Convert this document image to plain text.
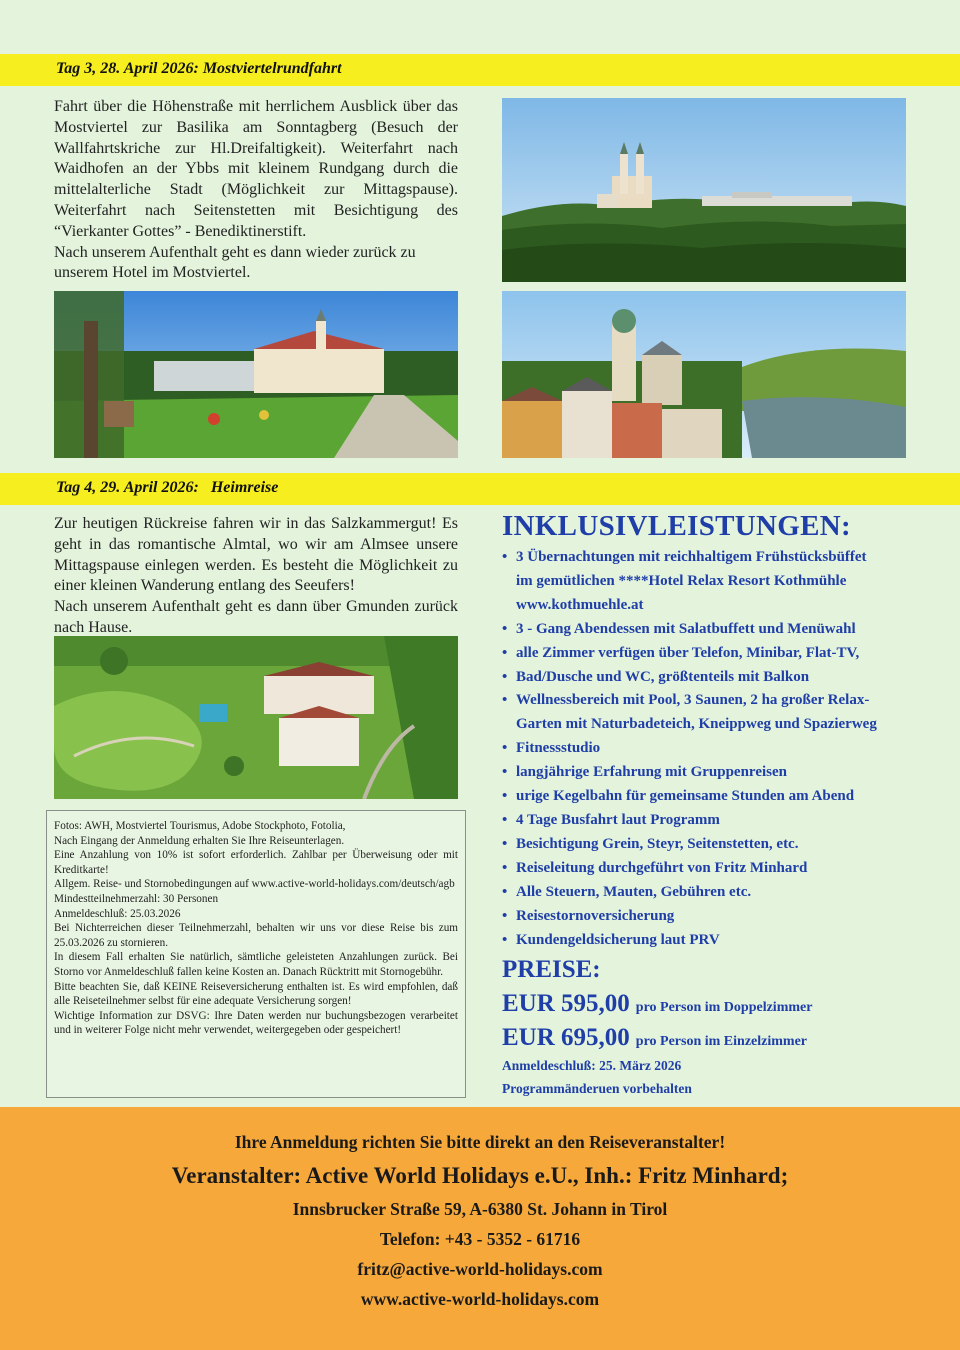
Tag 3, 28. April 2026: Mostviertelrundfahrt

Fahrt über die Höhenstraße mit herrlichem Ausblick über das Mostviertel zur Basilika am Sonntagberg (Besuch der Wallfahrtskriche zur Hl.Dreifaltigkeit). Weiterfahrt nach Waidhofen an der Ybbs mit kleinem Rundgang durch die mittelalterliche Stadt (Möglichkeit zur Mittagspause). Weiterfahrt nach Seitenstetten mit Besichtigung des “Vierkanter Gottes” - Benediktinerstift.

Nach unserem Aufenthalt geht es dann wieder zurück zu unserem Hotel im Mostviertel.

Tag 4, 29. April 2026:   Heimreise

Zur heutigen Rückreise fahren wir in das Salzkammergut! Es geht in das romantische Almtal, wo wir am Almsee unsere Mittagspause einlegen werden. Es besteht die Möglichkeit zu einer kleinen Wanderung entlang des Seeufers!

Nach unserem Aufenthalt geht es dann über Gmunden zurück nach Hause.

Fotos: AWH, Mostviertel Tourismus, Adobe Stockphoto, Fotolia,
Nach Eingang der Anmeldung erhalten Sie Ihre Reiseunterlagen.
Eine Anzahlung von 10% ist sofort erforderlich. Zahlbar per Überweisung oder mit Kreditkarte!
Allgem. Reise- und Stornobedingungen auf www.active-world-holidays.com/deutsch/agb
Mindestteilnehmerzahl: 30 Personen
Anmeldeschluß: 25.03.2026
Bei Nichterreichen dieser Teilnehmerzahl, behalten wir uns vor diese Reise bis zum 25.03.2026 zu stornieren.
In diesem Fall erhalten Sie natürlich, sämtliche geleisteten Anzahlungen zurück. Bei Storno vor Anmeldeschluß fallen keine Kosten an. Danach Rücktritt mit Stornogebühr.
Bitte beachten Sie, daß KEINE Reiseversicherung enthalten ist. Es wird empfohlen, daß alle Reiseteilnehmer selbst für eine adequate Versicherung sorgen!
Wichtige Information zur DSVG: Ihre Daten werden nur buchungsbezogen verarbeitet und in weiterer Folge nicht mehr verwendet, weitergegeben oder gespeichert!
INKLUSIVLEISTUNGEN:
• 3 Übernachtungen mit reichhaltigem Frühstücksbüffet
im gemütlichen ****Hotel Relax Resort Kothmühle
www.kothmuehle.at
• 3 - Gang Abendessen mit Salatbuffett und Menüwahl
• alle Zimmer verfügen über Telefon, Minibar, Flat-TV,
• Bad/Dusche und WC, größtenteils mit Balkon
• Wellnessbereich mit Pool, 3 Saunen, 2 ha großer Relax-
Garten mit Naturbadeteich, Kneippweg und Spazierweg
• Fitnessstudio
• langjährige Erfahrung mit Gruppenreisen
• urige Kegelbahn für gemeinsame Stunden am Abend
• 4 Tage Busfahrt laut Programm
• Besichtigung Grein, Steyr, Seitenstetten, etc.
• Reiseleitung durchgeführt von Fritz Minhard
• Alle Steuern, Mauten, Gebühren etc.
• Reisestornoversicherung
• Kundengeldsicherung laut PRV
PREISE:
EUR 595,00 pro Person im Doppelzimmer
EUR 695,00 pro Person im Einzelzimmer
Anmeldeschluß: 25. März 2026
Programmänderuen vorbehalten
Ihre Anmeldung richten Sie bitte direkt an den Reiseveranstalter!
Veranstalter: Active World Holidays e.U., Inh.: Fritz Minhard;
Innsbrucker Straße 59, A-6380 St. Johann in Tirol
Telefon: +43 - 5352 - 61716
fritz@active-world-holidays.com
www.active-world-holidays.com
